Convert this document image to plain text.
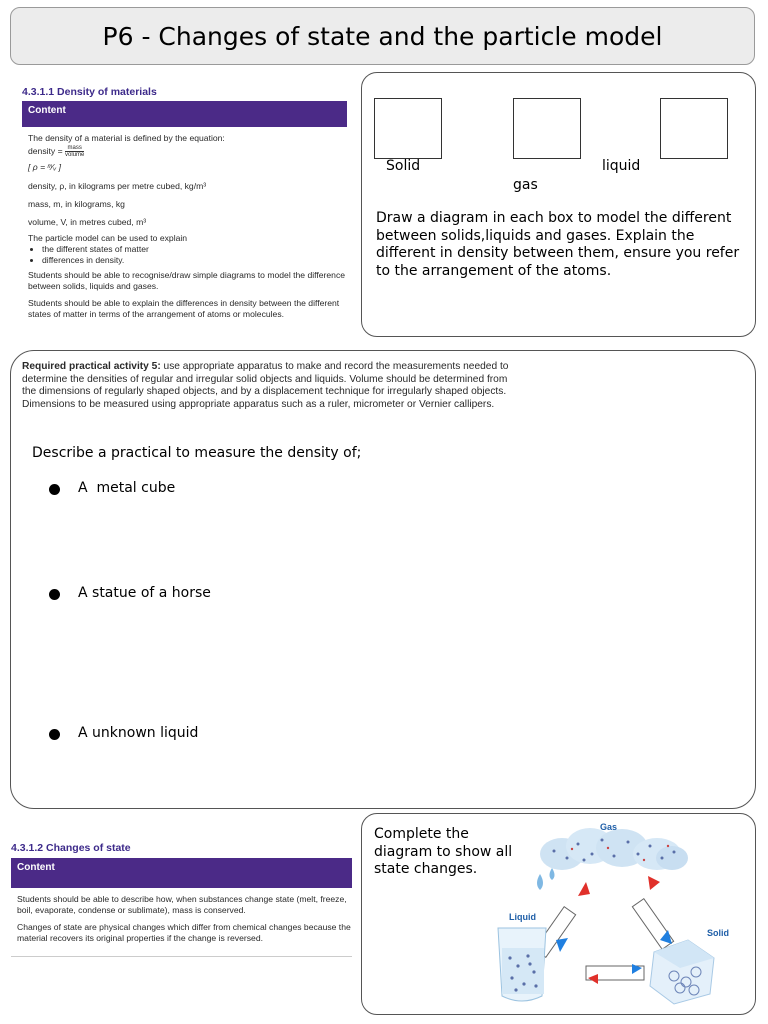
P6 - Changes of state and the particle model
4.3.1.1 Density of materials
Content

The density of a material is defined by the equation:

density = $\frac{\text{mass}}{\text{volume}}$

[ ρ = ᵐ⁄ᵥ ]

density, ρ, in kilograms per metre cubed, kg/m³

mass, m, in kilograms, kg

volume, V, in metres cubed, m³

The particle model can be used to explain

• the different states of matter
• differences in density.

Students should be able to recognise/draw simple diagrams to model the difference between solids, liquids and gases.

Students should be able to explain the differences in density between the different states of matter in terms of the arrangement of atoms or molecules.

Solid	liquid
gas
Draw a diagram in each box to model the different between solids,liquids and gases. Explain the different in density between them, ensure you refer to the arrangement of the atoms.
Required practical activity 5: use appropriate apparatus to make and record the measurements needed to determine the densities of regular and irregular solid objects and liquids. Volume should be determined from the dimensions of regularly shaped objects, and by a displacement technique for irregularly shaped objects. Dimensions to be measured using appropriate apparatus such as a ruler, micrometer or Vernier callipers.
Describe a practical to measure the density of;
A  metal cube
A statue of a horse
A unknown liquid
4.3.1.2 Changes of state
Content

Students should be able to describe how, when substances change state (melt, freeze, boil, evaporate, condense or sublimate), mass is conserved.

Changes of state are physical changes which differ from chemical changes because the material recovers its original properties if the change is reversed.

Complete the diagram to show all state changes.
Gas
Liquid
Solid
